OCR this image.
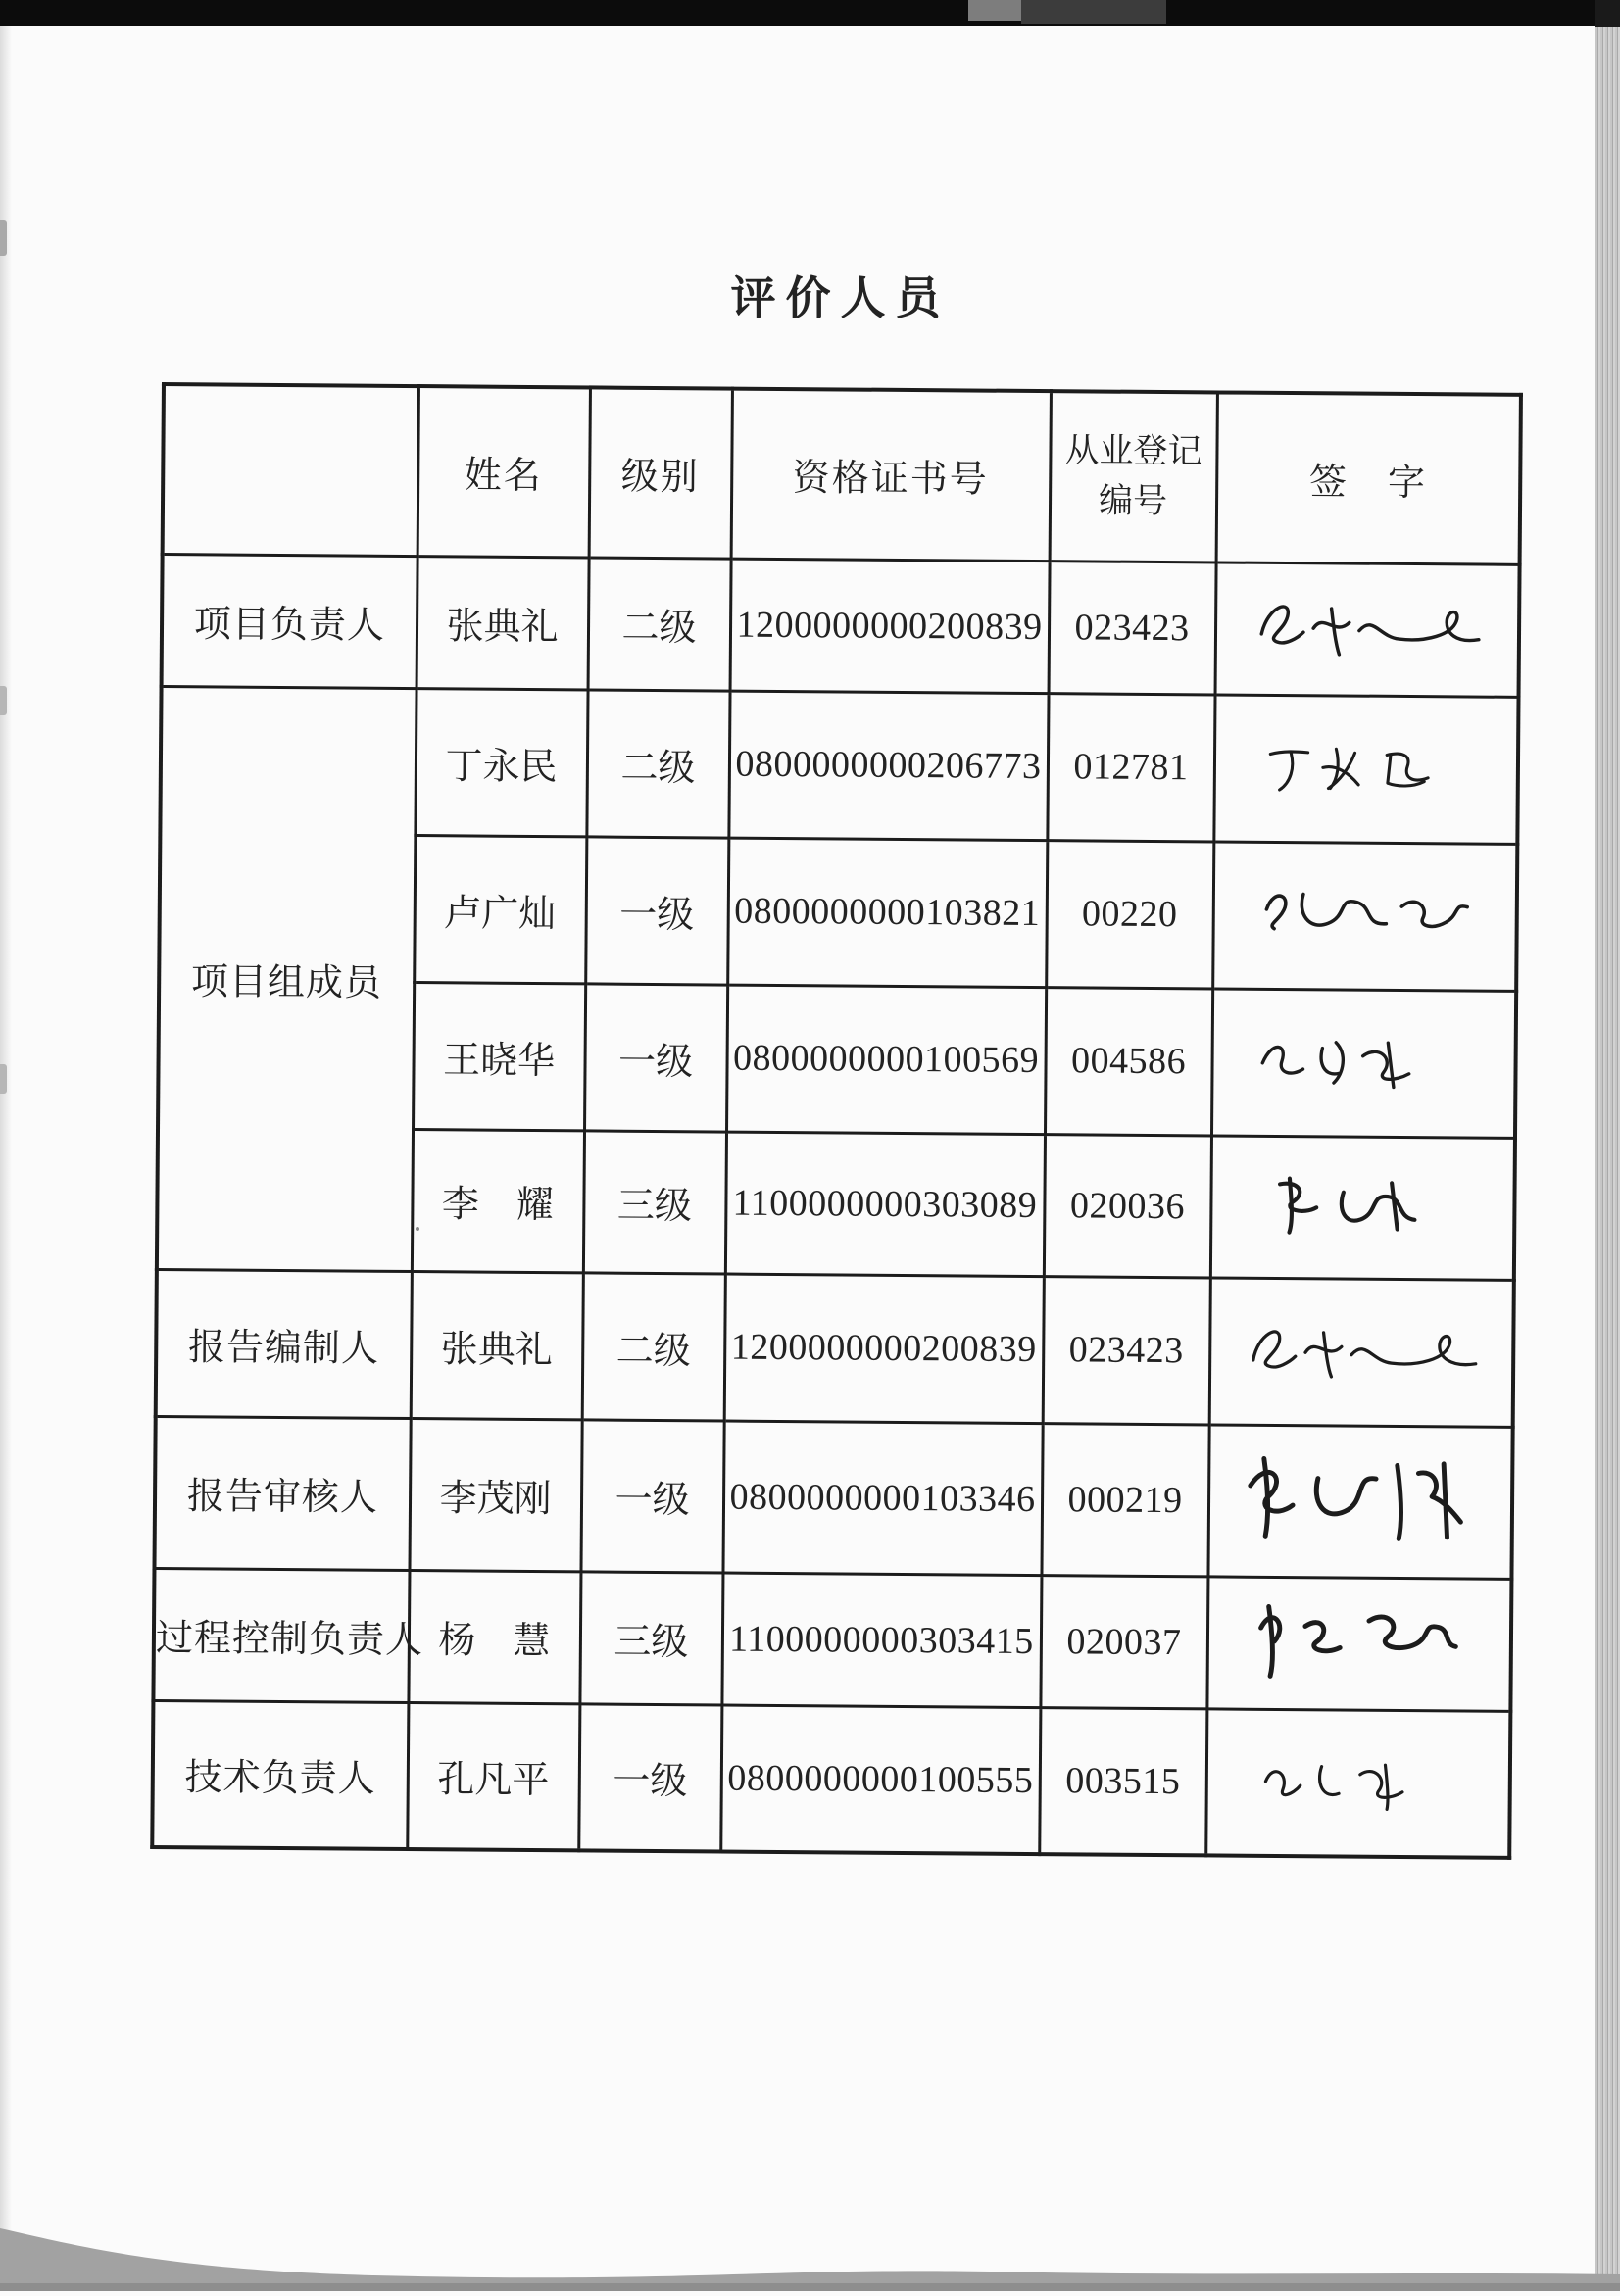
评价人员
	姓名	级别	资格证书号	从业登记编号	签　字
项目负责人	张典礼	二级	1200000000200839	023423	

项目组成员	丁永民	二级	0800000000206773	012781	

	卢广灿	一级	0800000000103821	00220	

	王晓华	一级	0800000000100569	004586	

	李　耀	三级	1100000000303089	020036	

报告编制人	张典礼	二级	1200000000200839	023423	

报告审核人	李茂刚	一级	0800000000103346	000219	

过程控制负责人	杨　慧	三级	1100000000303415	020037	

技术负责人	孔凡平	一级	0800000000100555	003515	
